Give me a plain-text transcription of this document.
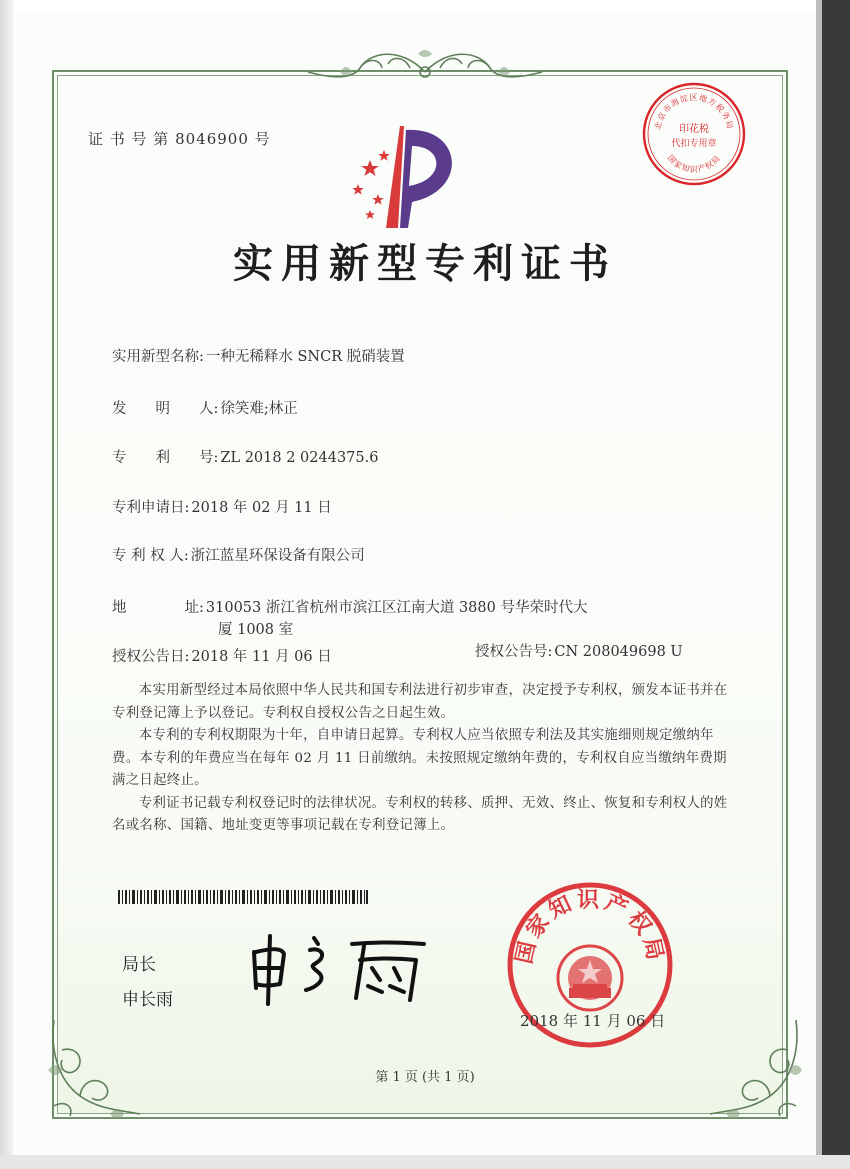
证 书 号 第 8046900 号
实用新型专利证书
实用新型名称: 一种无稀释水 SNCR 脱硝装置
发　　明　　人: 徐笑难;林正
专　　利　　号: ZL 2018 2 0244375.6
专利申请日: 2018 年 02 月 11 日
专 利 权 人: 浙江蓝星环保设备有限公司
地　　　　址: 310053 浙江省杭州市滨江区江南大道 3880 号华荣时代大
厦 1008 室
授权公告日: 2018 年 11 月 06 日	授权公告号: CN 208049698 U

本实用新型经过本局依照中华人民共和国专利法进行初步审查，决定授予专利权，颁发本证书并在专利登记簿上予以登记。专利权自授权公告之日起生效。

本专利的专利权期限为十年，自申请日起算。专利权人应当依照专利法及其实施细则规定缴纳年费。本专利的年费应当在每年 02 月 11 日前缴纳。未按照规定缴纳年费的，专利权自应当缴纳年费期满之日起终止。

专利证书记载专利权登记时的法律状况。专利权的转移、质押、无效、终止、恢复和专利权人的姓名或名称、国籍、地址变更等事项记载在专利登记簿上。

局长
申长雨
国家知识产权局
2018 年 11 月 06 日
北京市海淀区地方税务局
印花税
代扣专用章
国家知识产权局
第 1 页 (共 1 页)
